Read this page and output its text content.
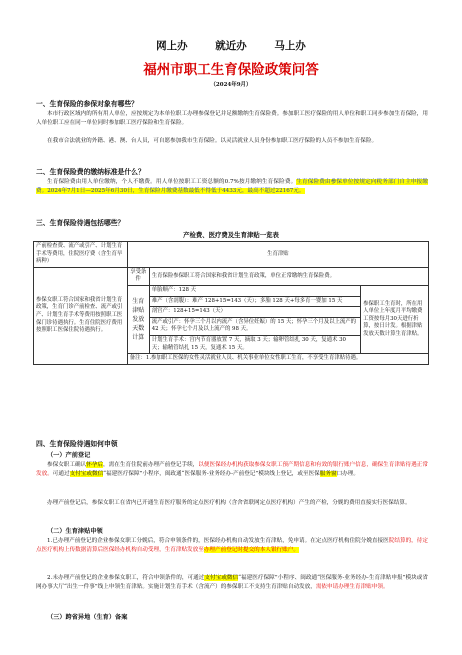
网上办	就近办	马上办
福州市职工生育保险政策问答
（2024年9月）
一、生育保险的参保对象有哪些？
本市行政区域内的所有用人单位，应按规定为本单位职工办理参保登记并足额缴纳生育保险费。参加职工医疗保险的用人单位和职工同步参加生育保险，用人单位职工应在同一单位同时参加职工医疗保险和生育保险。
在我市合法就业的外籍、港、澳、台人员，可自愿参加我市生育保险。以灵活就业人员身份参加职工医疗保险的人员不参加生育保险。
二、生育保险费的缴纳标准是什么？
生育保险费由用人单位缴纳，个人不缴费。用人单位按职工工资总额的0.7%按月缴纳生育保险费。生育保险费由參保单位按规定向税务部门自主申报缴费。2024年7月1日—2025年6月30日，生育保险月缴费基数最低不得低于4433元，最高不超过22167元。
三、生育保险待遇包括哪些？
产检费、医疗费及生育津贴一览表
产前检查费、流产或引产、计划生育手术等费用，住院医疗费（含生育早病种）	生育津贴		
参保女职工符合国家和我省计划生育政策，生育门诊产前检查、流产或引产、计划生育手术等费用按照职工医保门诊待遇执行。生育住院医疗费用按照职工医保住院待遇执行。	享受条件	生育保险参保职工符合国家和我省计划生育政策，单位正常缴纳生育保险费。	
	生育津贴发放天数计算	单胎顺产：128 天	参保职工生育时，所在用人单位上年度月平均缴费工资按每月30天进行折算，按日计发。根据津贴发放天数计算生育津贴。
		难产（含剖腹）：难产 128+15=143（天）；多胎 128 天+每多育一婴加 15 天	
		剖宫产：128+15=143（天）	
		流产或引产：怀孕三个月以内流产（含异位妊娠）的 15 天；怀孕三个月及以上流产的 42 天；怀孕七个月及以上流产的 98 天。	
		计划生育手术：宫内节育器放置 7 天，摘取 3 天；输卵管结扎 30 天，复通术 30 天；输精管结扎 15 天，复通术 15 天。	
	备注：1.参加职工医保的女性灵活就业人员、机关事业单位女性职工生育，不享受生育津贴待遇。		
四、生育保险待遇如何申领
（一）产前登记
参保女职工确认怀孕后，需在生育住院前办理产前登记手续，以便医保经办机构获取参保女职工预产期信息和有效的银行账户信息，确保生育津贴待遇正常发放。可通过支付宝或微信“福建医疗保障”小程序，闽政通“医保服务-业务经办-产前登记”模块线上登记，或至医保服务窗口办理。
办理产前登记后，参保女职工在省内已开通生育医疗服务的定点医疗机构（含舍省联网定点医疗机构）产生的产检，分娩的费用直接实行医保结算。
（二）生育津贴申领
1.已办理产前登记的企业参保女职工分娩后，符合申领条件的，医保经办机构自动发放生育津贴，免申请。在定点医疗机构住院分娩直接医院结算的，待定点医疗机构上传数据清算后医保经办机构自动受理，生育津贴发放至办理产前登记时提交的本人银行账户。
2.未办理产前登记的企业参保女职工，符合申领条件的，可通过支付宝或微信“福建医疗保障”小程序、闽政通“医保服务-业务经办-生育津贴申报”模块或省网办事大厅“出生一件事”线上申领生育津贴。实施计划生育手术（含流产）的参保职工不支持生育津贴自动发放，需依申请办理生育津贴申领。
（三）跨省异地（生育）备案
